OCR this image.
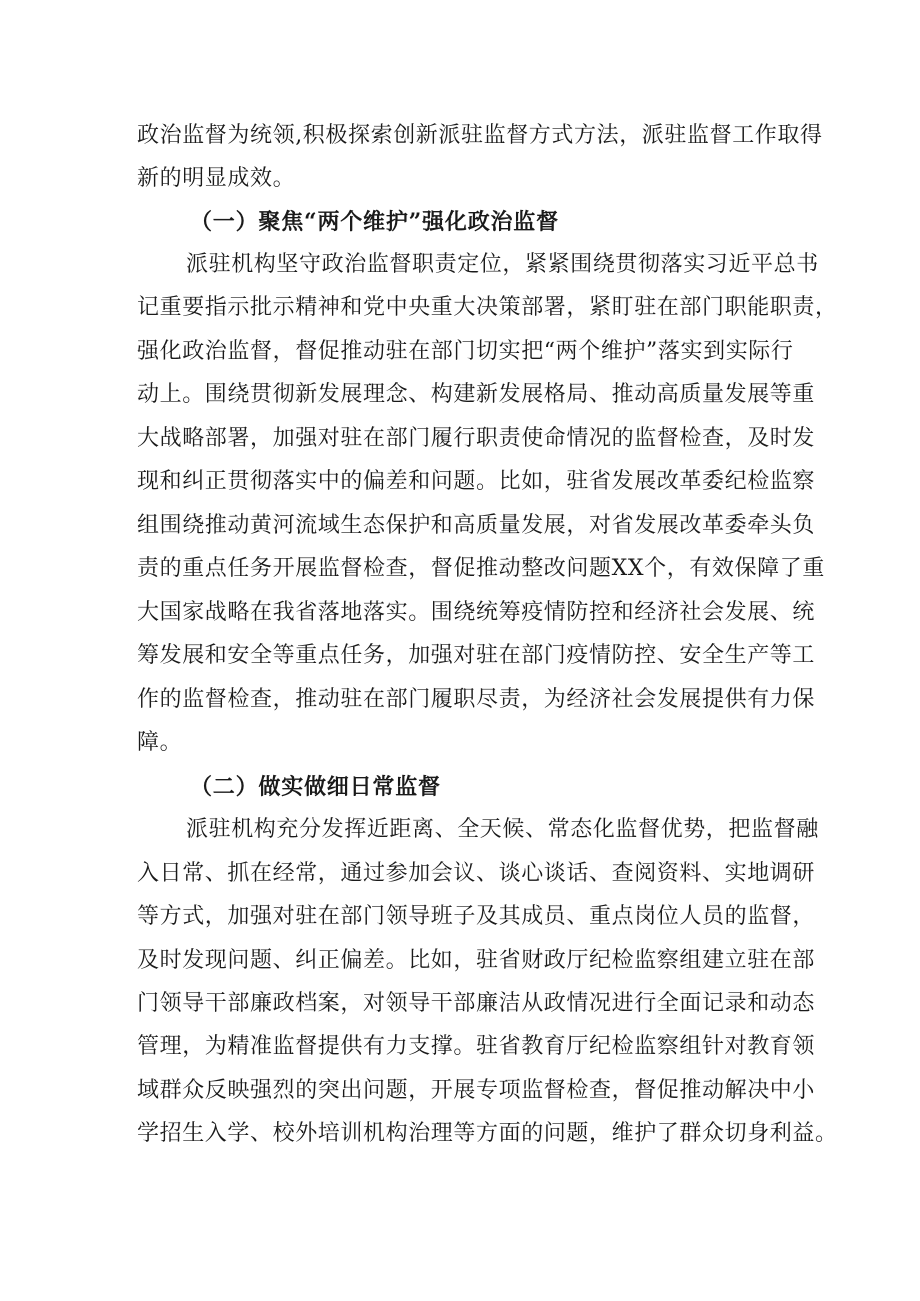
政治监督为统领,积极探索创新派驻监督方式方法，派驻监督工作取得
新的明显成效。
（一）聚焦“两个维护”强化政治监督
派驻机构坚守政治监督职责定位，紧紧围绕贯彻落实习近平总书
记重要指示批示精神和党中央重大决策部署，紧盯驻在部门职能职责，
强化政治监督，督促推动驻在部门切实把“两个维护”落实到实际行
动上。围绕贯彻新发展理念、构建新发展格局、推动高质量发展等重
大战略部署，加强对驻在部门履行职责使命情况的监督检查，及时发
现和纠正贯彻落实中的偏差和问题。比如，驻省发展改革委纪检监察
组围绕推动黄河流域生态保护和高质量发展，对省发展改革委牵头负
责的重点任务开展监督检查，督促推动整改问题XX个，有效保障了重
大国家战略在我省落地落实。围绕统筹疫情防控和经济社会发展、统
筹发展和安全等重点任务，加强对驻在部门疫情防控、安全生产等工
作的监督检查，推动驻在部门履职尽责，为经济社会发展提供有力保
障。
（二）做实做细日常监督
派驻机构充分发挥近距离、全天候、常态化监督优势，把监督融
入日常、抓在经常，通过参加会议、谈心谈话、查阅资料、实地调研
等方式，加强对驻在部门领导班子及其成员、重点岗位人员的监督，
及时发现问题、纠正偏差。比如，驻省财政厅纪检监察组建立驻在部
门领导干部廉政档案，对领导干部廉洁从政情况进行全面记录和动态
管理，为精准监督提供有力支撑。驻省教育厅纪检监察组针对教育领
域群众反映强烈的突出问题，开展专项监督检查，督促推动解决中小
学招生入学、校外培训机构治理等方面的问题，维护了群众切身利益。
